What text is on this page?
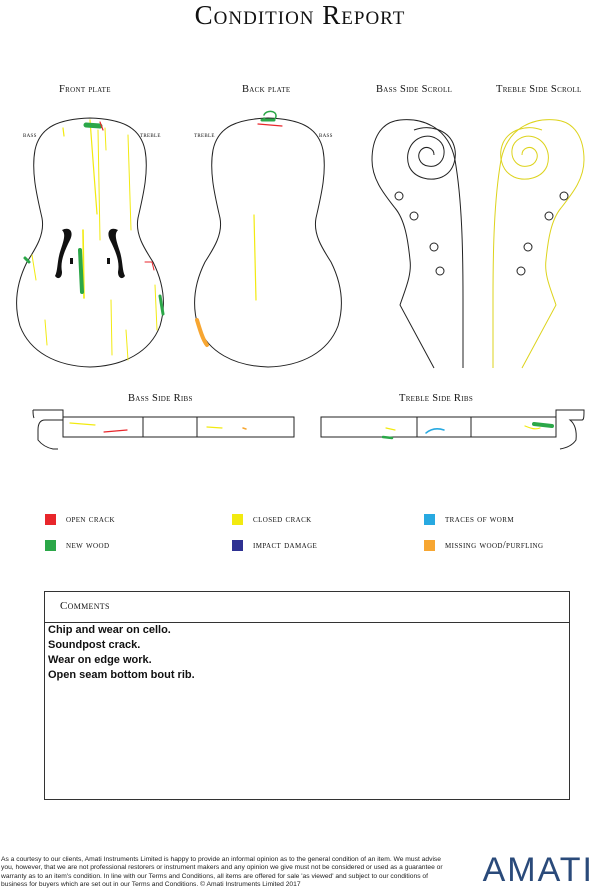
Condition Report
Front plate	Back plate	Bass Side Scroll	Treble Side Scroll
Bass Side Ribs	Treble Side Ribs
bass	treble	treble	bass
open crack	closed crack	traces of worm
new wood	impact damage	missing wood/purfling
Comments
Chip and wear on cello.
Soundpost crack.
Wear on edge work.
Open seam bottom bout rib.
As a courtesy to our clients, Amati Instruments Limited is happy to provide an informal opinion as to the general condition of an item. We must advise you, however, that we are not professional restorers or instrument makers and any opinion we give must not be considered or used as a guarantee or warranty as to an item's condition. In line with our Terms and Conditions, all items are offered for sale 'as viewed' and subject to our conditions of business for buyers which are set out in our Terms and Conditions. © Amati Instruments Limited 2017	AMATI
